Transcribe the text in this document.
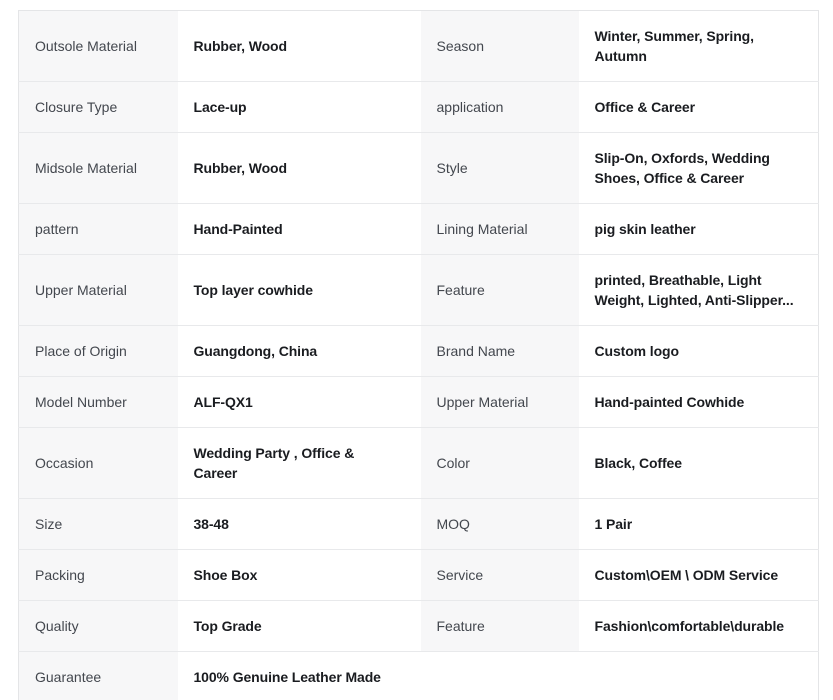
Outsole Material	Rubber, Wood	Season	Winter, Summer, Spring, Autumn
Closure Type	Lace-up	application	Office & Career
Midsole Material	Rubber, Wood	Style	Slip-On, Oxfords, Wedding Shoes, Office & Career
pattern	Hand-Painted	Lining Material	pig skin leather
Upper Material	Top layer cowhide	Feature	printed, Breathable, Light Weight, Lighted, Anti-Slipper...
Place of Origin	Guangdong, China	Brand Name	Custom logo
Model Number	ALF-QX1	Upper Material	Hand-painted Cowhide
Occasion	Wedding Party , Office & Career	Color	Black, Coffee
Size	38-48	MOQ	1 Pair
Packing	Shoe Box	Service	Custom\OEM \ ODM Service
Quality	Top Grade	Feature	Fashion\comfortable\durable
Guarantee	100% Genuine Leather Made		
